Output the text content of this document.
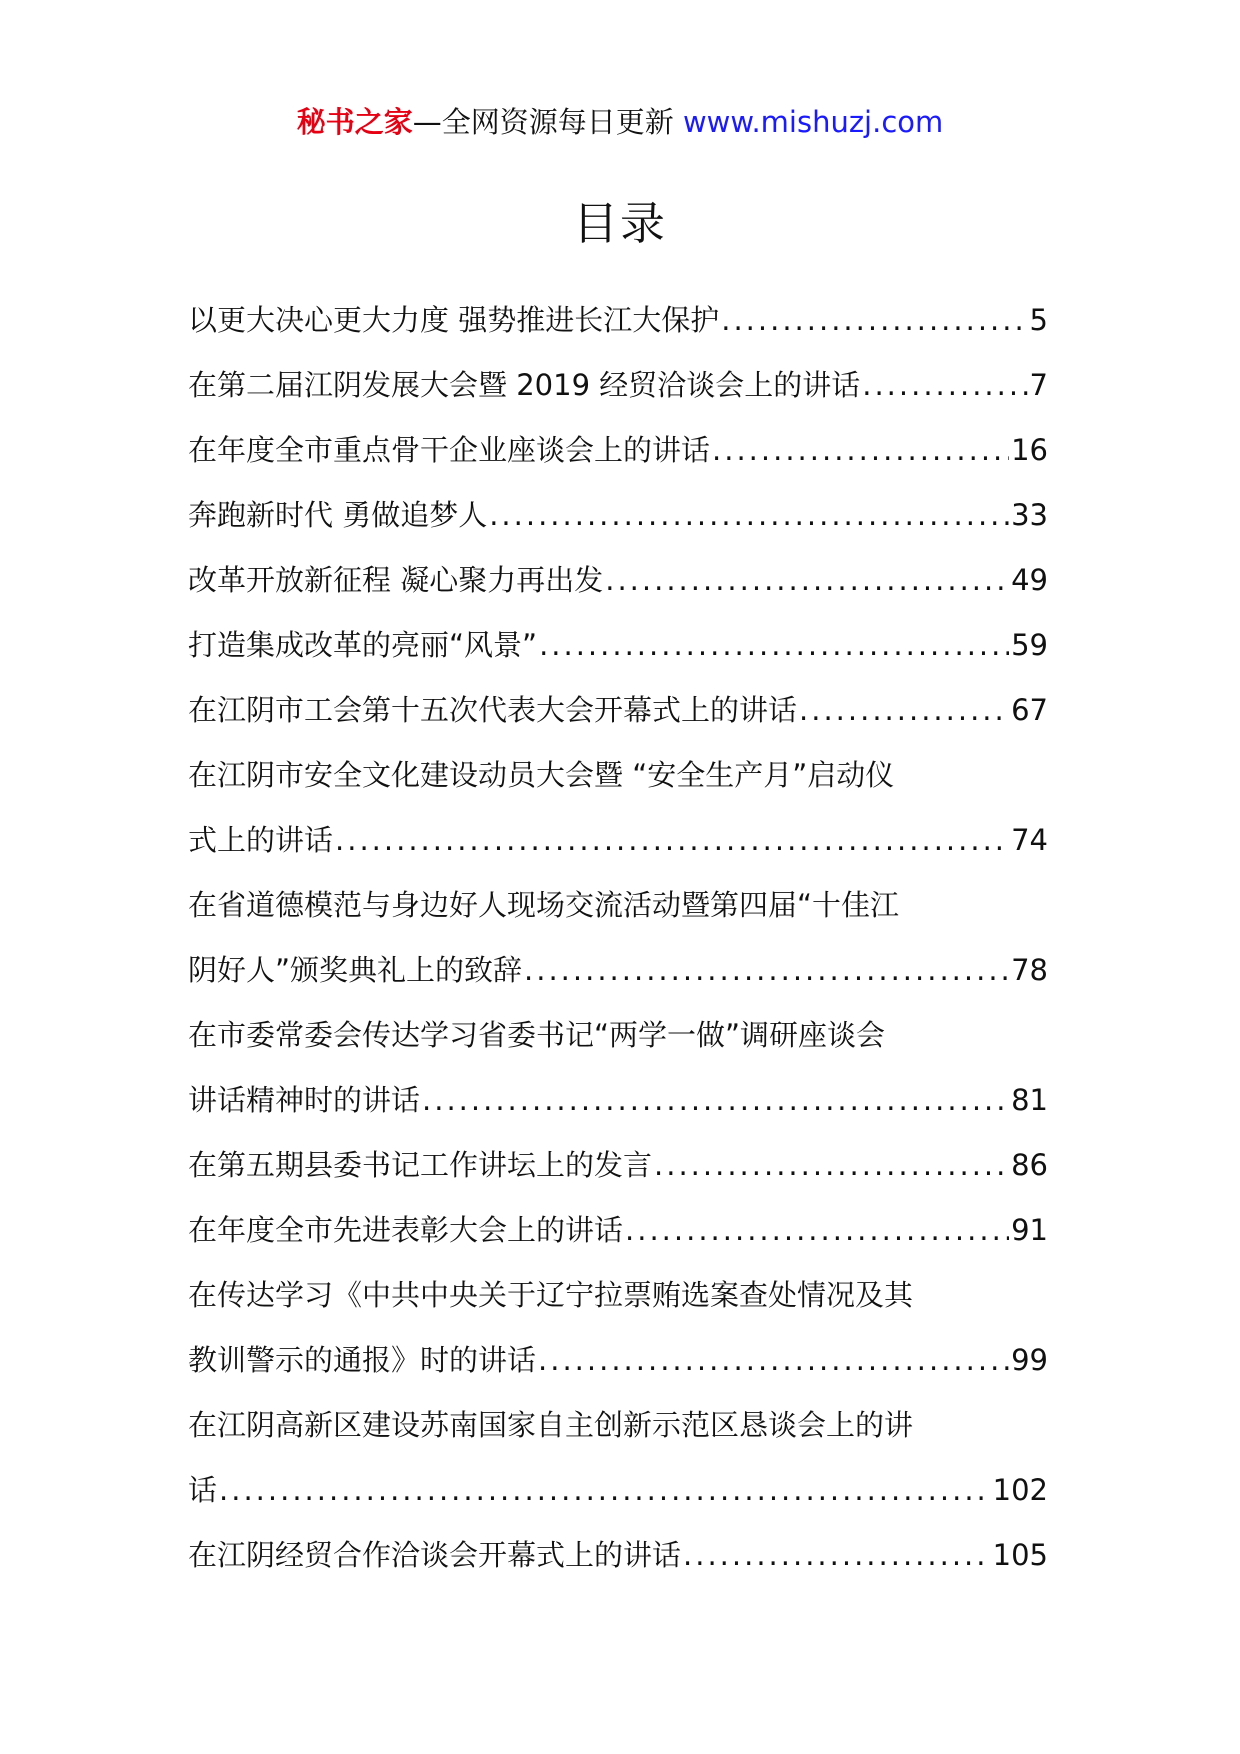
秘书之家—全网资源每日更新 www.mishuzj.com
目录
以更大决心更大力度 强势推进长江大保护 .....	5
在第二届江阴发展大会暨 2019 经贸洽谈会上的讲话 .....	7
在年度全市重点骨干企业座谈会上的讲话 .....	16
奔跑新时代 勇做追梦人 .....	33
改革开放新征程 凝心聚力再出发 .....	49
打造集成改革的亮丽“风景” .....	59
在江阴市工会第十五次代表大会开幕式上的讲话 .....	67
在江阴市安全文化建设动员大会暨 “安全生产月”启动仪
式上的讲话 .....	74
在省道德模范与身边好人现场交流活动暨第四届“十佳江
阴好人”颁奖典礼上的致辞 .....	78
在市委常委会传达学习省委书记“两学一做”调研座谈会
讲话精神时的讲话 .....	81
在第五期县委书记工作讲坛上的发言 .....	86
在年度全市先进表彰大会上的讲话 .....	91
在传达学习《中共中央关于辽宁拉票贿选案查处情况及其
教训警示的通报》时的讲话 .....	99
在江阴高新区建设苏南国家自主创新示范区恳谈会上的讲
话 .....	102
在江阴经贸合作洽谈会开幕式上的讲话 .....	105
